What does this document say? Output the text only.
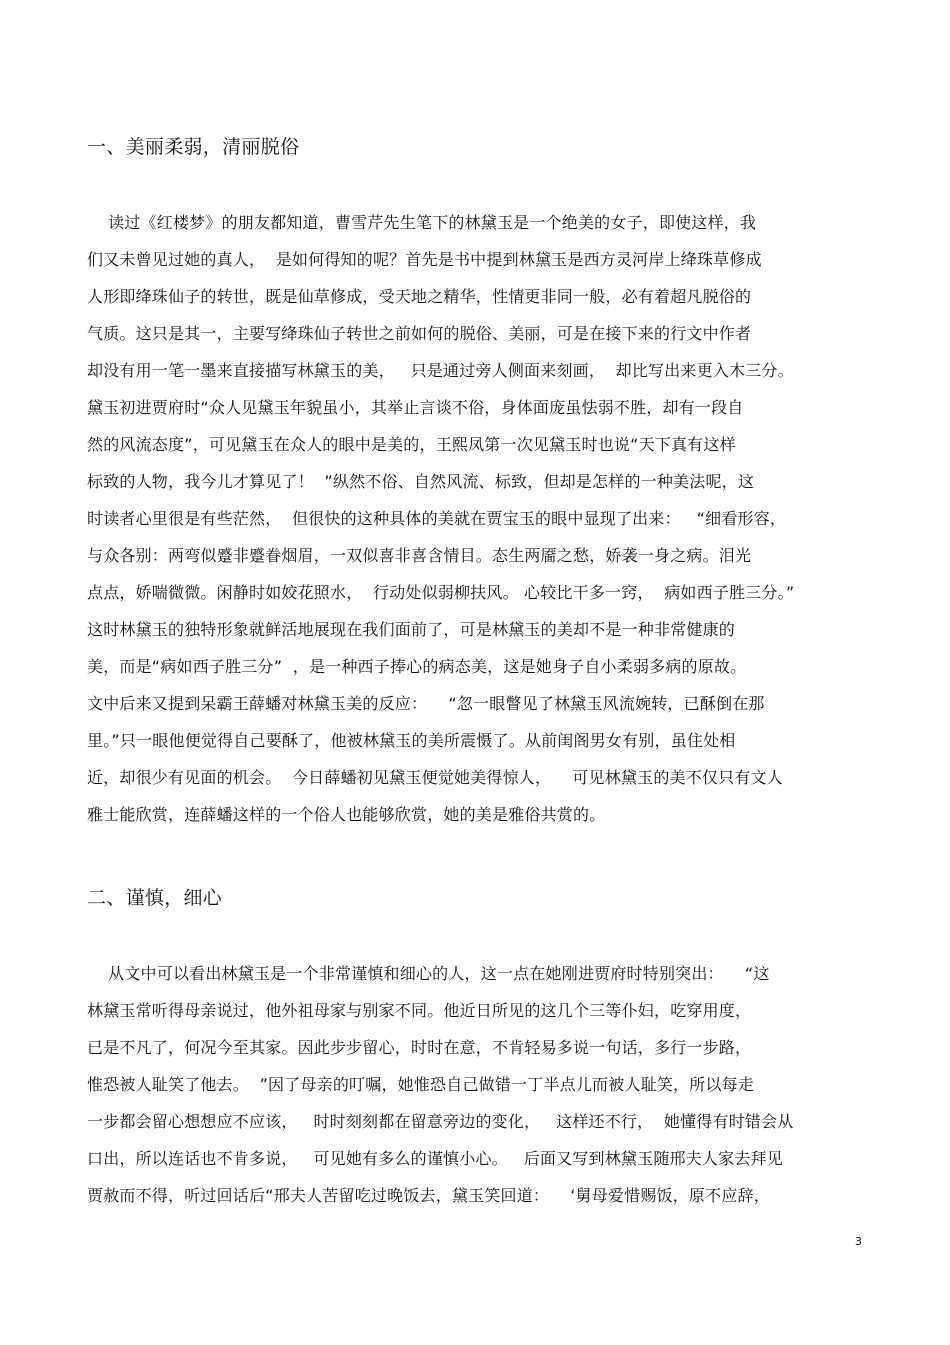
一、美丽柔弱，清丽脱俗
读过《红楼梦》的朋友都知道，曹雪芹先生笔下的林黛玉是一个绝美的女子，即使这样，我
们又未曾见过她的真人，  是如何得知的呢？首先是书中提到林黛玉是西方灵河岸上绛珠草修成
人形即绛珠仙子的转世，既是仙草修成，受天地之精华，性情更非同一般，必有着超凡脱俗的
气质。这只是其一，主要写绛珠仙子转世之前如何的脱俗、美丽，可是在接下来的行文中作者
却没有用一笔一墨来直接描写林黛玉的美，   只是通过旁人侧面来刻画，  却比写出来更入木三分。
黛玉初进贾府时“众人见黛玉年貌虽小，其举止言谈不俗，身体面庞虽怯弱不胜，却有一段自
然的风流态度”，可见黛玉在众人的眼中是美的，王熙凤第一次见黛玉时也说“天下真有这样
标致的人物，我今儿才算见了！  ”纵然不俗、自然风流、标致，但却是怎样的一种美法呢，这
时读者心里很是有些茫然，  但很快的这种具体的美就在贾宝玉的眼中显现了出来：   “细看形容，
与众各别：两弯似蹙非蹙眷烟眉，一双似喜非喜含情目。态生两靥之愁，娇袭一身之病。泪光
点点，娇喘微微。闲静时如姣花照水，  行动处似弱柳扶风。 心较比干多一窍，  病如西子胜三分。”
这时林黛玉的独特形象就鲜活地展现在我们面前了，可是林黛玉的美却不是一种非常健康的
美，而是“病如西子胜三分”  ，是一种西子捧心的病态美，这是她身子自小柔弱多病的原故。
文中后来又提到呆霸王薛蟠对林黛玉美的反应：    “忽一眼瞥见了林黛玉风流婉转，已酥倒在那
里。”只一眼他便觉得自己要酥了，他被林黛玉的美所震慑了。从前闺阁男女有别，虽住处相
近，却很少有见面的机会。  今日薛蟠初见黛玉便觉她美得惊人，    可见林黛玉的美不仅只有文人
雅士能欣赏，连薛蟠这样的一个俗人也能够欣赏，她的美是雅俗共赏的。
二、谨慎，细心
从文中可以看出林黛玉是一个非常谨慎和细心的人，这一点在她刚进贾府时特别突出：    “这
林黛玉常听得母亲说过，他外祖母家与别家不同。他近日所见的这几个三等仆妇，吃穿用度，
已是不凡了，何况今至其家。因此步步留心，时时在意，不肯轻易多说一句话，多行一步路，
惟恐被人耻笑了他去。  ”因了母亲的叮嘱，她惟恐自己做错一丁半点儿而被人耻笑，所以每走
一步都会留心想想应不应该，   时时刻刻都在留意旁边的变化，   这样还不行，  她懂得有时错会从
口出，所以连话也不肯多说，   可见她有多么的谨慎小心。   后面又写到林黛玉随邢夫人家去拜见
贾赦而不得，听过回话后“邢夫人苦留吃过晚饭去，黛玉笑回道：    ‘舅母爱惜赐饭，原不应辞，
3
